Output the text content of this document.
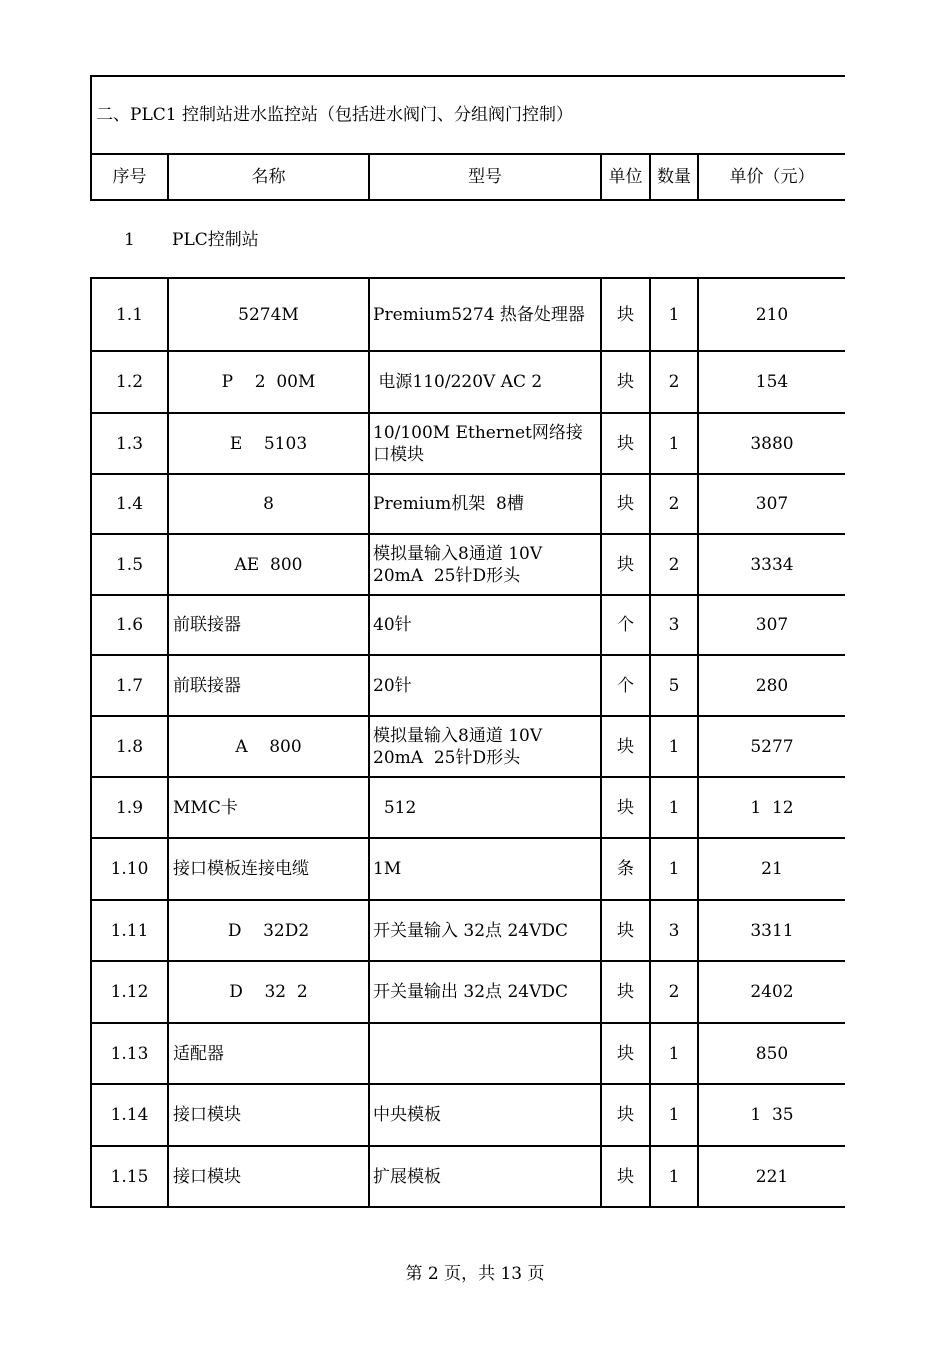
二、PLC1 控制站进水监控站（包括进水阀门、分组阀门控制）
序号	名称	型号	单位	数量	单价（元）
1 PLC控制站
1.1	5274M	Premium5274 热备处理器	块	1	210
1.2	P    2  00M	电源110/220V AC 2	块	2	154
1.3	E    5103	10/100M Ethernet网络接口模块	块	1	3880
1.4	8	Premium机架  8槽	块	2	307
1.5	AE  800	模拟量输入8通道 10V 20mA  25针D形头	块	2	3334
1.6	前联接器	40针	个	3	307
1.7	前联接器	20针	个	5	280
1.8	A    800	模拟量输入8通道 10V 20mA  25针D形头	块	1	5277
1.9	MMC卡	512	块	1	1  12
1.10	接口模板连接电缆	1M	条	1	21
1.11	D    32D2	开关量输入 32点 24VDC	块	3	3311
1.12	D    32  2	开关量输出 32点 24VDC	块	2	2402
1.13	适配器		块	1	850
1.14	接口模块	中央模板	块	1	1  35
1.15	接口模块	扩展模板	块	1	221
第 2 页，共 13 页
